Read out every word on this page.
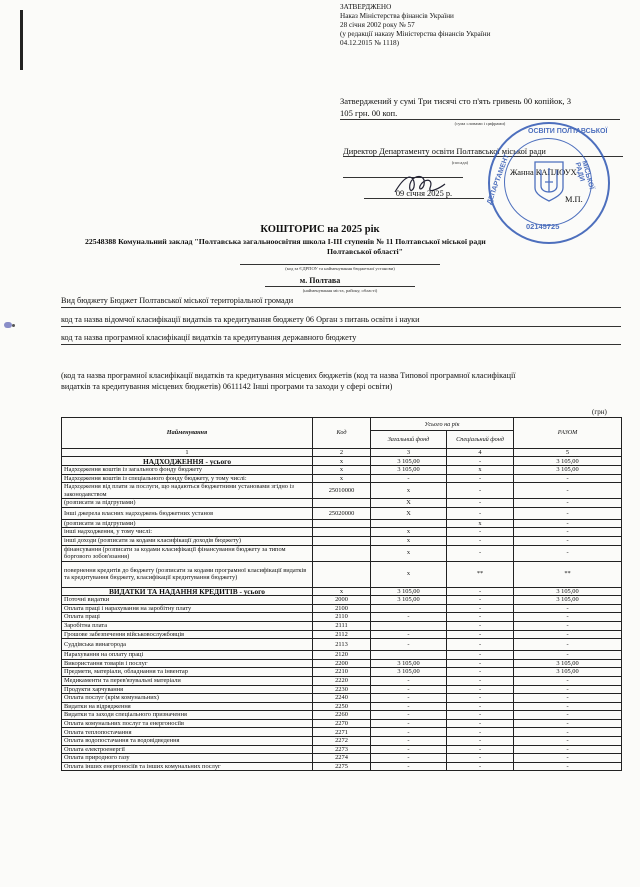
ЗАТВЕРДЖЕНО
Наказ Міністерства фінансів України
28 січня 2002 року № 57
(у редакції наказу Міністерства фінансів України
04.12.2015 № 1118)
Затверджений у сумі Три тисячі сто п'ять гривень 00 копійок, 3
105 грн. 00 коп.
(сума словами і цифрами)
Директор Департаменту освіти Полтавської міської ради
(посада)
Жанна КАПЛОУХ
09 січня 2025 р.
М.П.
ОСВІТИ ПОЛТАВСЬКОЇ
ДЕПАРТАМЕНТ	МІСЬКОЇ РАДИ
02145725
КОШТОРИС на 2025 рік
22548388 Комунальний заклад "Полтавська загальноосвітня школа І-ІІІ ступенів № 11 Полтавської міської ради
Полтавської області"
(код за ЄДРПОУ та найменування бюджетної установи)
м. Полтава
(найменування міста, району, області)
Вид бюджету Бюджет Полтавської міської територіальної громади
код та назва відомчої класифікації видатків та кредитування бюджету 06 Орган з питань освіти і науки
код та назва програмної класифікації видатків та кредитування державного бюджету
(код та назва програмної класифікації видатків та кредитування місцевих бюджетів (код та назва Типової програмної класифікації
видатків та кредитування місцевих бюджетів) 0611142 Інші програми та заходи у сфері освіти)
(грн)
Найменування	Код	Усього на рік		РАЗОМ
		Загальний фонд	Спеціальний фонд	
1	2	3	4	5
НАДХОДЖЕННЯ - усього	х	3 105,00	-	3 105,00
Надходження коштів із загального фонду бюджету	х	3 105,00	х	3 105,00
Надходження коштів із спеціального фонду бюджету, у тому числі:	х	-	-	-
Надходження від плати за послуги, що надаються бюджетними установами згідно із законодавством	25010000	х	-	-
(розписати за підгрупами)		Х	-	-
Інші джерела власних надходжень бюджетних установ	25020000	Х	-	-
(розписати за підгрупами)			х	-
інші надходження, у тому числі:		х	-	-
інші доходи (розписати за кодами класифікації доходів бюджету)		х	-	-
фінансування (розписати за кодами класифікації фінансування бюджету за типом боргового зобов'язання)		х	-	-
повернення кредитів до бюджету (розписати за кодами програмної класифікації видатків та кредитування бюджету, класифікації кредитування бюджету)		х	**	**
ВИДАТКИ ТА НАДАННЯ КРЕДИТІВ - усього	х	3 105,00	-	3 105,00
Поточні видатки	2000	3 105,00	-	3 105,00
Оплата праці і нарахування на заробітну плату	2100		-	-
Оплата праці	2110	-	-	-
Заробітна плата	2111		-	-
Грошове забезпечення військовослужбовців	2112	-	-	-
Суддівська винагорода	2113	-	-	-
Нарахування на оплату праці	2120		-	-
Використання товарів і послуг	2200	3 105,00	-	3 105,00
Предмети, матеріали, обладнання та інвентар	2210	3 105,00	-	3 105,00
Медикаменти та перев'язувальні матеріали	2220	-	-	-
Продукти харчування	2230	-	-	-
Оплата послуг (крім комунальних)	2240	-	-	-
Видатки на відрядження	2250	-	-	-
Видатки та заходи спеціального призначення	2260	-	-	-
Оплата комунальних послуг та енергоносіїв	2270	-	-	-
Оплата теплопостачання	2271	-	-	-
Оплата водопостачання та водовідведення	2272	-	-	-
Оплата електроенергії	2273	-	-	-
Оплата природного газу	2274	-	-	-
Оплата інших енергоносіїв та інших комунальних послуг	2275	-	-	-
